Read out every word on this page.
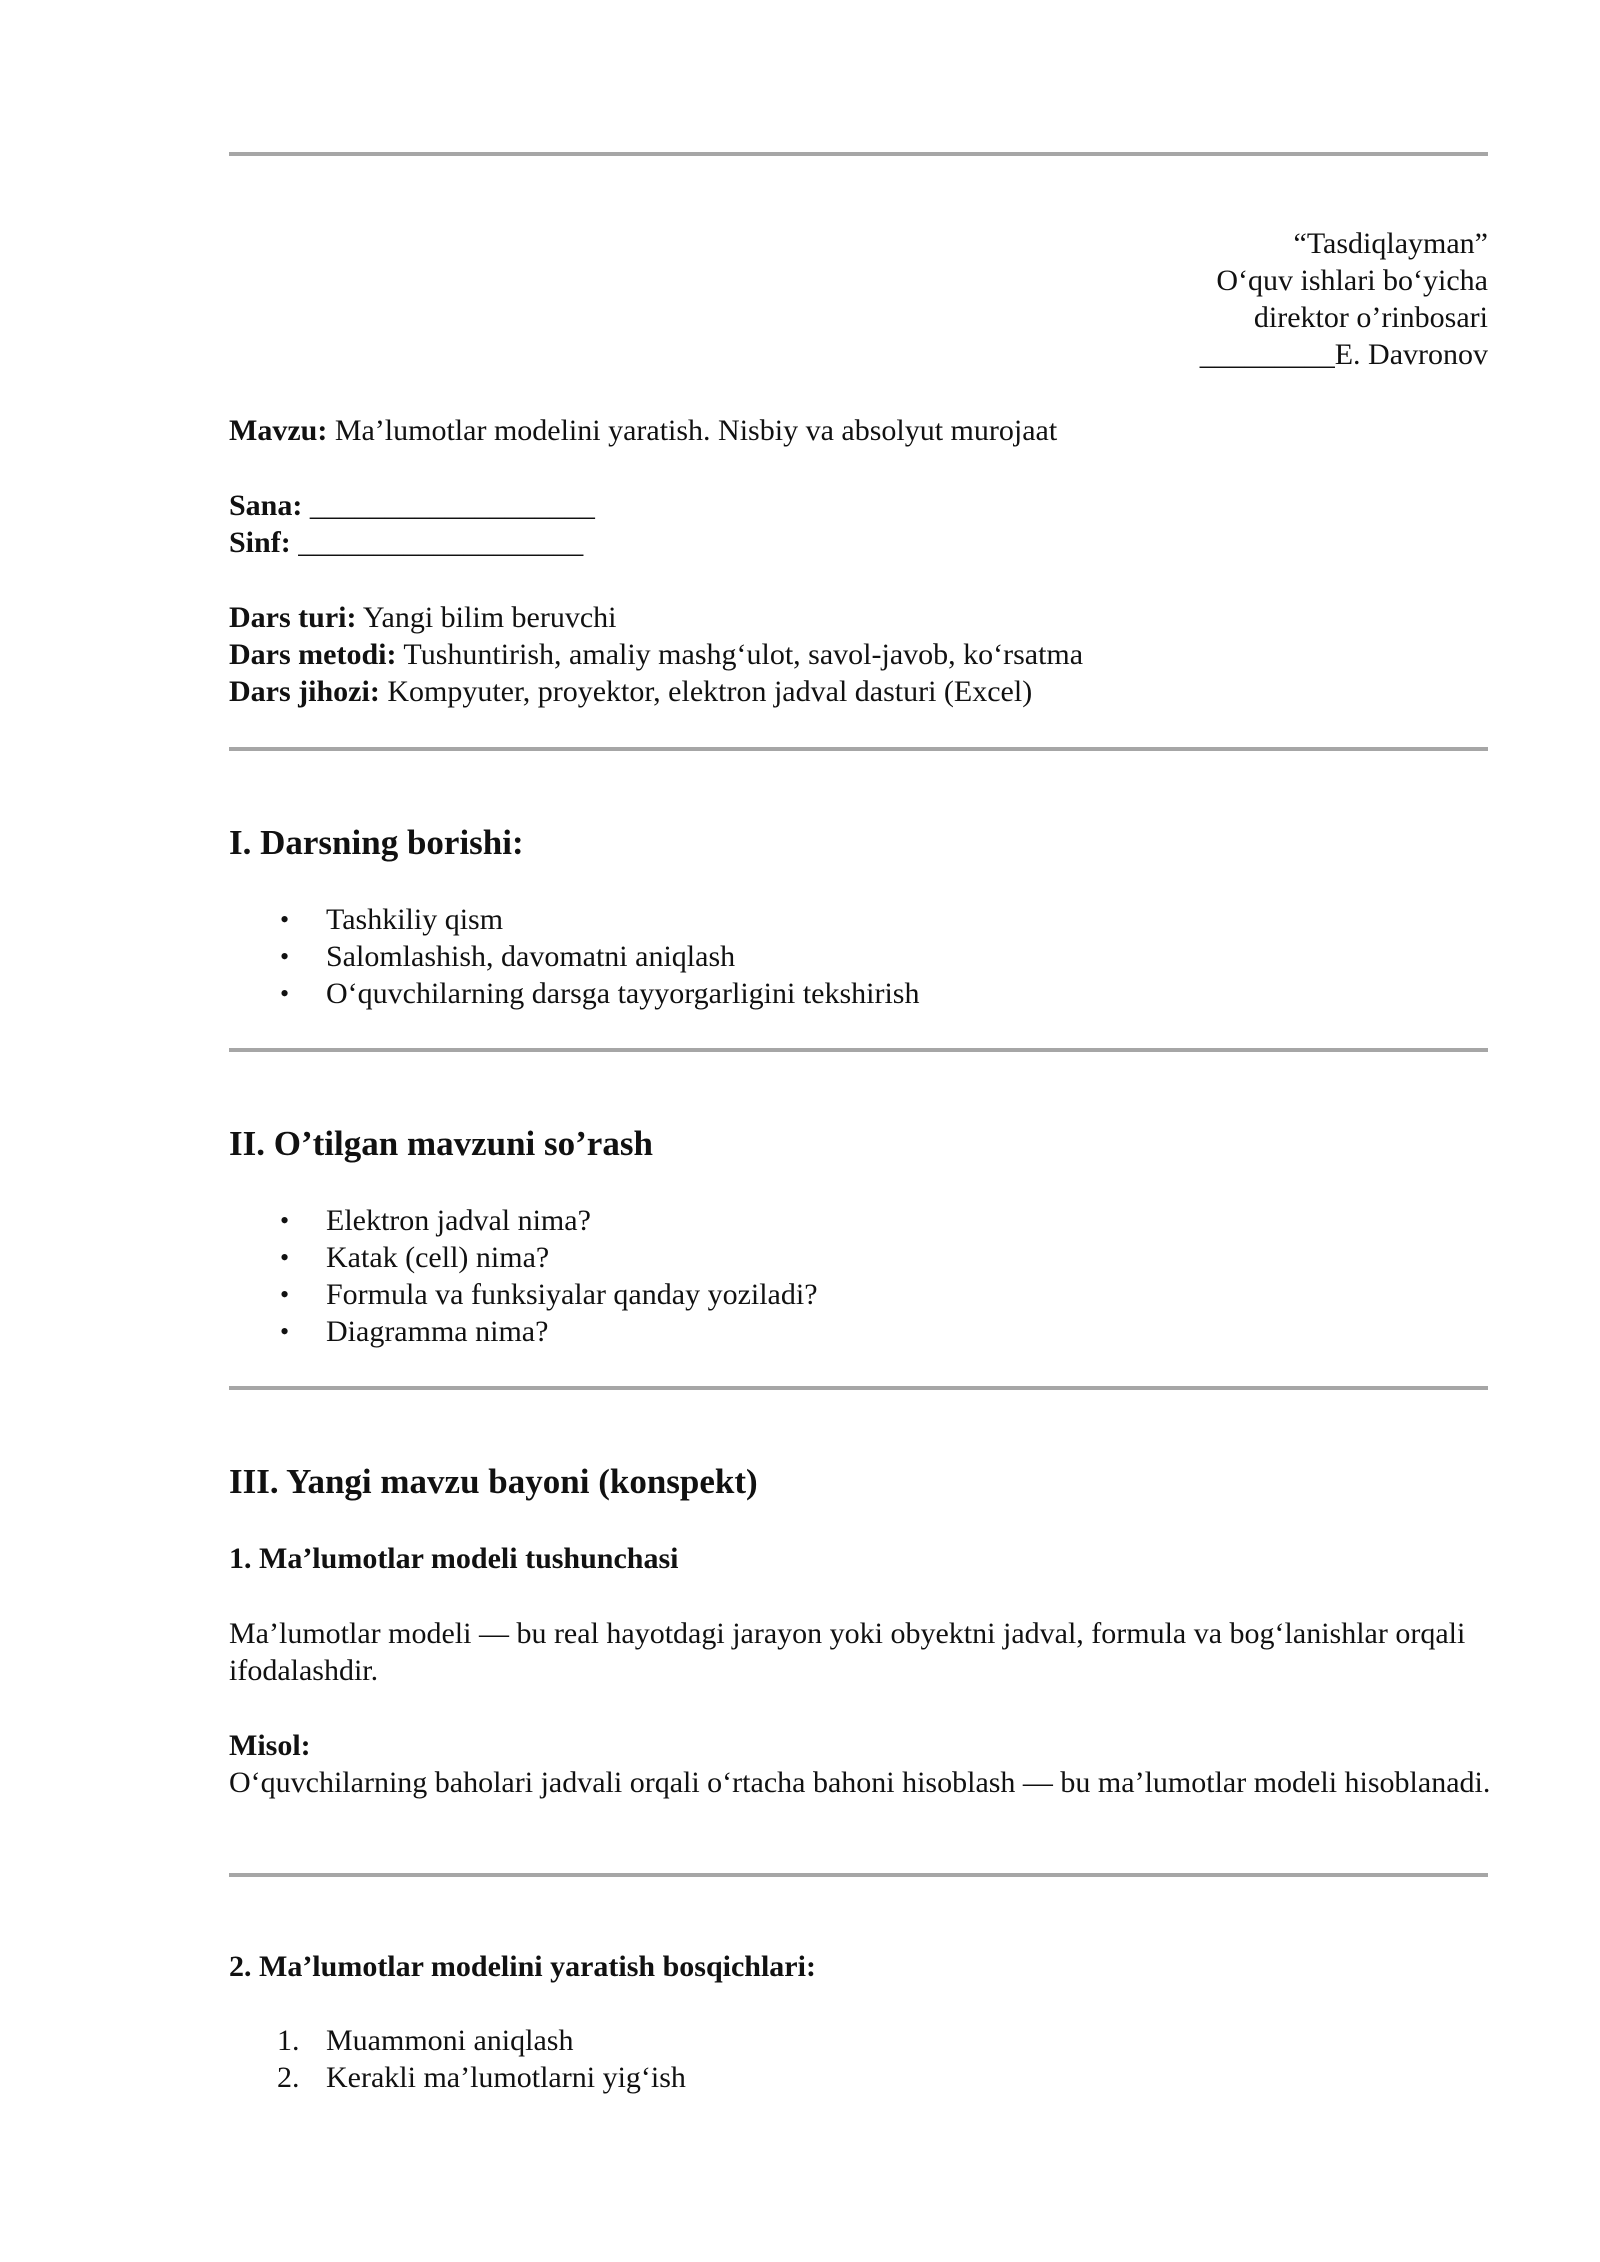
“Tasdiqlayman”
O‘quv ishlari bo‘yicha
direktor o’rinbosari
_________E. Davronov
Mavzu: Ma’lumotlar modelini yaratish. Nisbiy va absolyut murojaat
Sana: ___________________
Sinf: ___________________
Dars turi: Yangi bilim beruvchi
Dars metodi: Tushuntirish, amaliy mashg‘ulot, savol-javob, ko‘rsatma
Dars jihozi: Kompyuter, proyektor, elektron jadval dasturi (Excel)
I. Darsning borishi:
•	Tashkiliy qism
•	Salomlashish, davomatni aniqlash
•	O‘quvchilarning darsga tayyorgarligini tekshirish
II. O’tilgan mavzuni so’rash
•	Elektron jadval nima?
•	Katak (cell) nima?
•	Formula va funksiyalar qanday yoziladi?
•	Diagramma nima?
III. Yangi mavzu bayoni (konspekt)
1. Ma’lumotlar modeli tushunchasi
Ma’lumotlar modeli — bu real hayotdagi jarayon yoki obyektni jadval, formula va bog‘lanishlar orqali ifodalashdir.
Misol:
O‘quvchilarning baholari jadvali orqali o‘rtacha bahoni hisoblash — bu ma’lumotlar modeli hisoblanadi.
2. Ma’lumotlar modelini yaratish bosqichlari:
1. Muammoni aniqlash
2. Kerakli ma’lumotlarni yig‘ish
